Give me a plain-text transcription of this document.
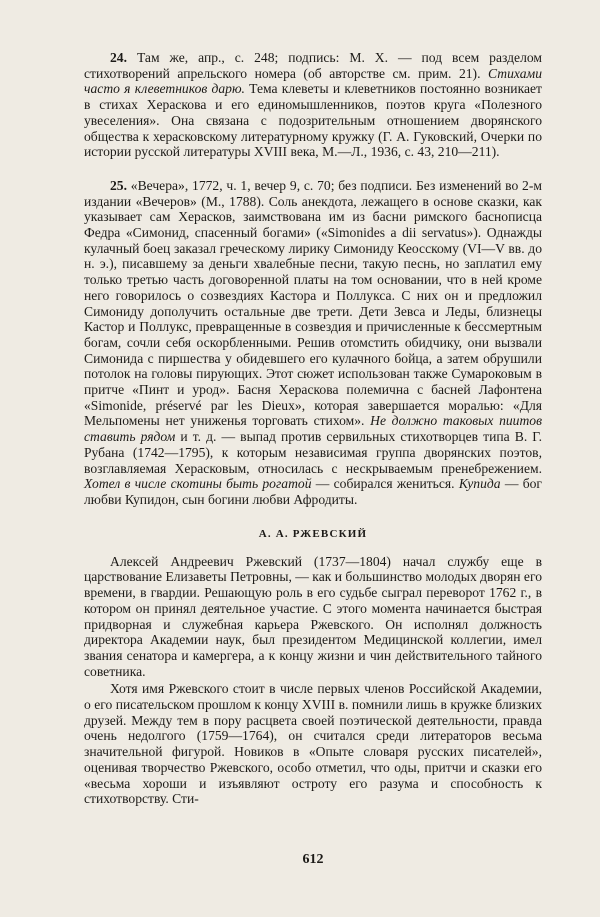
24. Там же, апр., с. 248; подпись: М. X. — под всем разделом стихотворений апрельского номера (об авторстве см. прим. 21). Стихами часто я клеветников дарю. Тема клеветы и клеветников постоянно возникает в стихах Хераскова и его единомышленников, поэтов круга «Полезного увеселения». Она связана с подозрительным отношением дворянского общества к херасковскому литературному кружку (Г. А. Гуковский, Очерки по истории русской литературы XVIII века, М.—Л., 1936, с. 43, 210—211).

25. «Вечера», 1772, ч. 1, вечер 9, с. 70; без подписи. Без изменений во 2-м издании «Вечеров» (М., 1788). Соль анекдота, лежащего в основе сказки, как указывает сам Херасков, заимствована им из басни римского баснописца Федра «Симонид, спасенный богами» («Simonides a dii servatus»). Однажды кулачный боец заказал греческому лирику Симониду Кеосскому (VI—V вв. до н. э.), писавшему за деньги хвалебные песни, такую песнь, но заплатил ему только третью часть договоренной платы на том основании, что в ней кроме него говорилось о созвездиях Кастора и Поллукса. С них он и предложил Симониду дополучить остальные две трети. Дети Зевса и Леды, близнецы Кастор и Поллукс, превращенные в созвездия и причисленные к бессмертным богам, сочли себя оскорбленными. Решив отомстить обидчику, они вызвали Симонида с пиршества у обидевшего его кулачного бойца, а затем обрушили потолок на головы пирующих. Этот сюжет использован также Сумароковым в притче «Пинт и урод». Басня Хераскова полемична с басней Лафонтена «Simonide, préservé par les Dieux», которая завершается моралью: «Для Мельпомены нет униженья торговать стихом». Не должно таковых пиитов ставить рядом и т. д. — выпад против сервильных стихотворцев типа В. Г. Рубана (1742—1795), к которым незавиcимая группа дворянских поэтов, возглавляемая Херасковым, относилась с нескрываемым пренебрежением. Хотел в числе скотины быть рогатой — собирался жениться. Купида — бог любви Купидон, сын богини любви Афродиты.

А. А. РЖЕВСКИЙ

Алексей Андреевич Ржевский (1737—1804) начал службу еще в царствование Елизаветы Петровны, — как и большинство молодых дворян его времени, в гвардии. Решающую роль в его судьбе сыграл переворот 1762 г., в котором он принял деятельное участие. С этого момента начинается быстрая придворная и служебная карьера Ржевского. Он исполнял должность директора Академии наук, был президентом Медицинской коллегии, имел звания сенатора и камергера, а к концу жизни и чин действительного тайного советника.

Хотя имя Ржевского стоит в числе первых членов Российской Академии, о его писательском прошлом к концу XVIII в. помнили лишь в кружке близких друзей. Между тем в пору расцвета своей поэтической деятельности, правда очень недолгого (1759—1764), он считался среди литераторов весьма значительной фигурой. Новиков в «Опыте словаря русских писателей», оценивая творчество Ржевского, особо отметил, что оды, притчи и сказки его «весьма хороши и изъявляют остроту его разума и способность к стихотворству. Сти-

612
